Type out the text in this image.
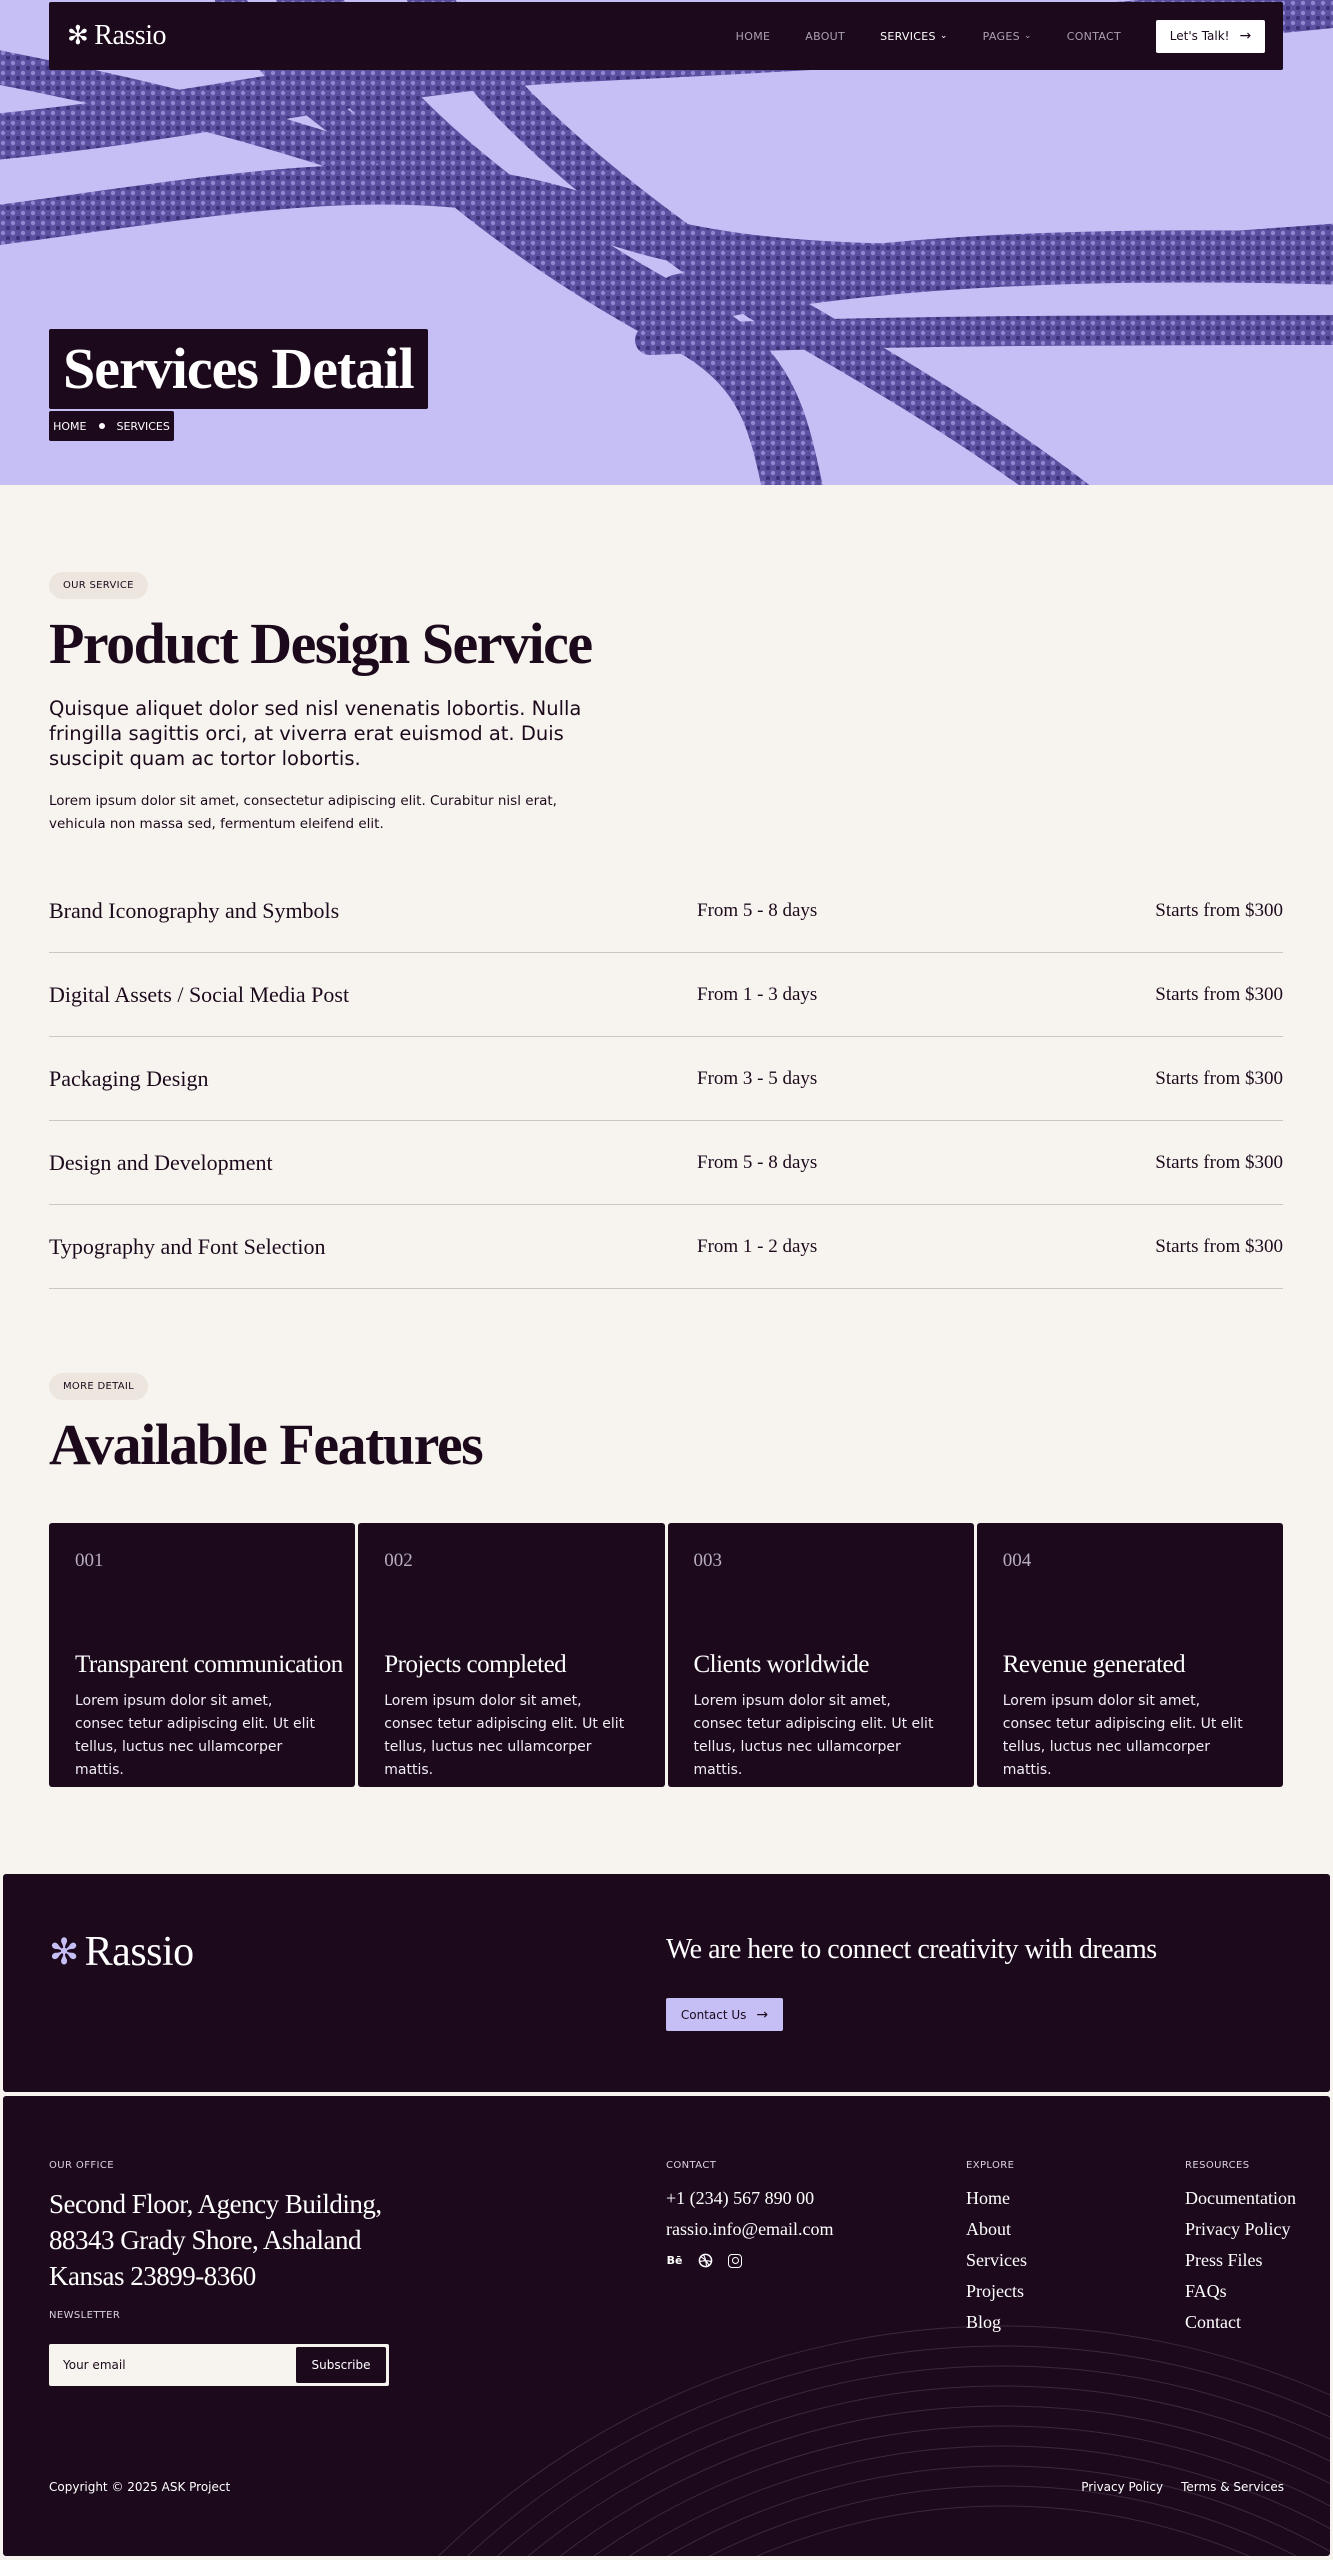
✻ Rassio	HOME	ABOUT	SERVICES ⌄	PAGES ⌄	CONTACT	Let's Talk! →
Services Detail
HOME	SERVICES
OUR SERVICE
Product Design Service

Quisque aliquet dolor sed nisl venenatis lobortis. Nulla fringilla sagittis orci, at viverra erat euismod at. Duis suscipit quam ac tortor lobortis.

Lorem ipsum dolor sit amet, consectetur adipiscing elit. Curabitur nisl erat, vehicula non massa sed, fermentum eleifend elit.

Brand Iconography and Symbols	From 5 - 8 days	Starts from $300
Digital Assets / Social Media Post	From 1 - 3 days	Starts from $300
Packaging Design	From 3 - 5 days	Starts from $300
Design and Development	From 5 - 8 days	Starts from $300
Typography and Font Selection	From 1 - 2 days	Starts from $300
MORE DETAIL
Available Features
001
Transparent communication
Lorem ipsum dolor sit amet, consec tetur adipiscing elit. Ut elit tellus, luctus nec ullamcorper mattis.
002
Projects completed
Lorem ipsum dolor sit amet, consec tetur adipiscing elit. Ut elit tellus, luctus nec ullamcorper mattis.
003
Clients worldwide
Lorem ipsum dolor sit amet, consec tetur adipiscing elit. Ut elit tellus, luctus nec ullamcorper mattis.
004
Revenue generated
Lorem ipsum dolor sit amet, consec tetur adipiscing elit. Ut elit tellus, luctus nec ullamcorper mattis.
✻ Rassio	We are here to connect creativity with dreams
Contact Us →
OUR OFFICE
Second Floor, Agency Building,
88343 Grady Shore, Ashaland
Kansas 23899-8360
NEWSLETTER
Your email
Subscribe
CONTACT
+1 (234) 567 890 00
rassio.info@email.com
Bē
EXPLORE
Home
About
Services
Projects
Blog
RESOURCES
Documentation
Privacy Policy
Press Files
FAQs
Contact
Copyright © 2025 ASK Project	Privacy Policy Terms & Services
